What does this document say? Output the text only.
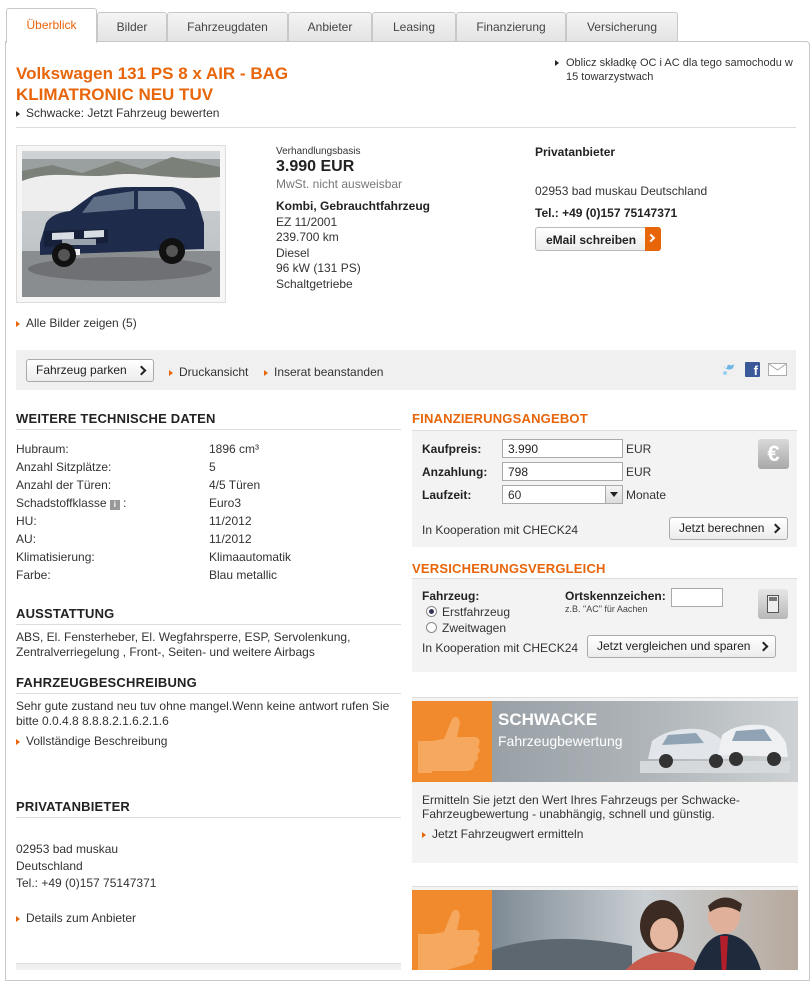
Überblick	Bilder	Fahrzeugdaten	Anbieter	Leasing	Finanzierung	Versicherung
Volkswagen 131 PS 8 x AIR - BAG
KLIMATRONIC NEU TUV
Schwacke: Jetzt Fahrzeug bewerten
Oblicz składkę OC i AC dla tego samochodu w
15 towarzystwach
Verhandlungsbasis
3.990 EUR
MwSt. nicht ausweisbar
Kombi, Gebrauchtfahrzeug
EZ 11/2001
239.700 km
Diesel
96 kW (131 PS)
Schaltgetriebe
Privatanbieter
02953 bad muskau Deutschland
Tel.: +49 (0)157 75147371
eMail schreiben
Alle Bilder zeigen (5)
Fahrzeug parken	Druckansicht	Inserat beanstanden	f
WEITERE TECHNISCHE DATEN
Hubraum:	1896 cm³
Anzahl Sitzplätze:	5
Anzahl der Türen:	4/5 Türen
Schadstoffklasse i :	Euro3
HU:	11/2012
AU:	11/2012
Klimatisierung:	Klimaautomatik
Farbe:	Blau metallic
AUSSTATTUNG
ABS, El. Fensterheber, El. Wegfahrsperre, ESP, Servolenkung,
Zentralverriegelung , Front-, Seiten- und weitere Airbags
FAHRZEUGBESCHREIBUNG
Sehr gute zustand neu tuv ohne mangel.Wenn keine antwort rufen Sie
bitte 0.0.4.8 8.8.8.2.1.6.2.1.6
Vollständige Beschreibung
PRIVATANBIETER
02953 bad muskau
Deutschland
Tel.: +49 (0)157 75147371
Details zum Anbieter
FINANZIERUNGSANGEBOT
Kaufpreis:
3.990	EUR
Anzahlung:
798	EUR
Laufzeit:	60	Monate
€
In Kooperation mit CHECK24	Jetzt berechnen
VERSICHERUNGSVERGLEICH
Fahrzeug:
Erstfahrzeug
Zweitwagen
Ortskennzeichen:
z.B. "AC" für Aachen
In Kooperation mit CHECK24	Jetzt vergleichen und sparen
SCHWACKE
Fahrzeugbewertung
Ermitteln Sie jetzt den Wert Ihres Fahrzeugs per Schwacke-
Fahrzeugbewertung - unabhängig, schnell und günstig.
Jetzt Fahrzeugwert ermitteln
